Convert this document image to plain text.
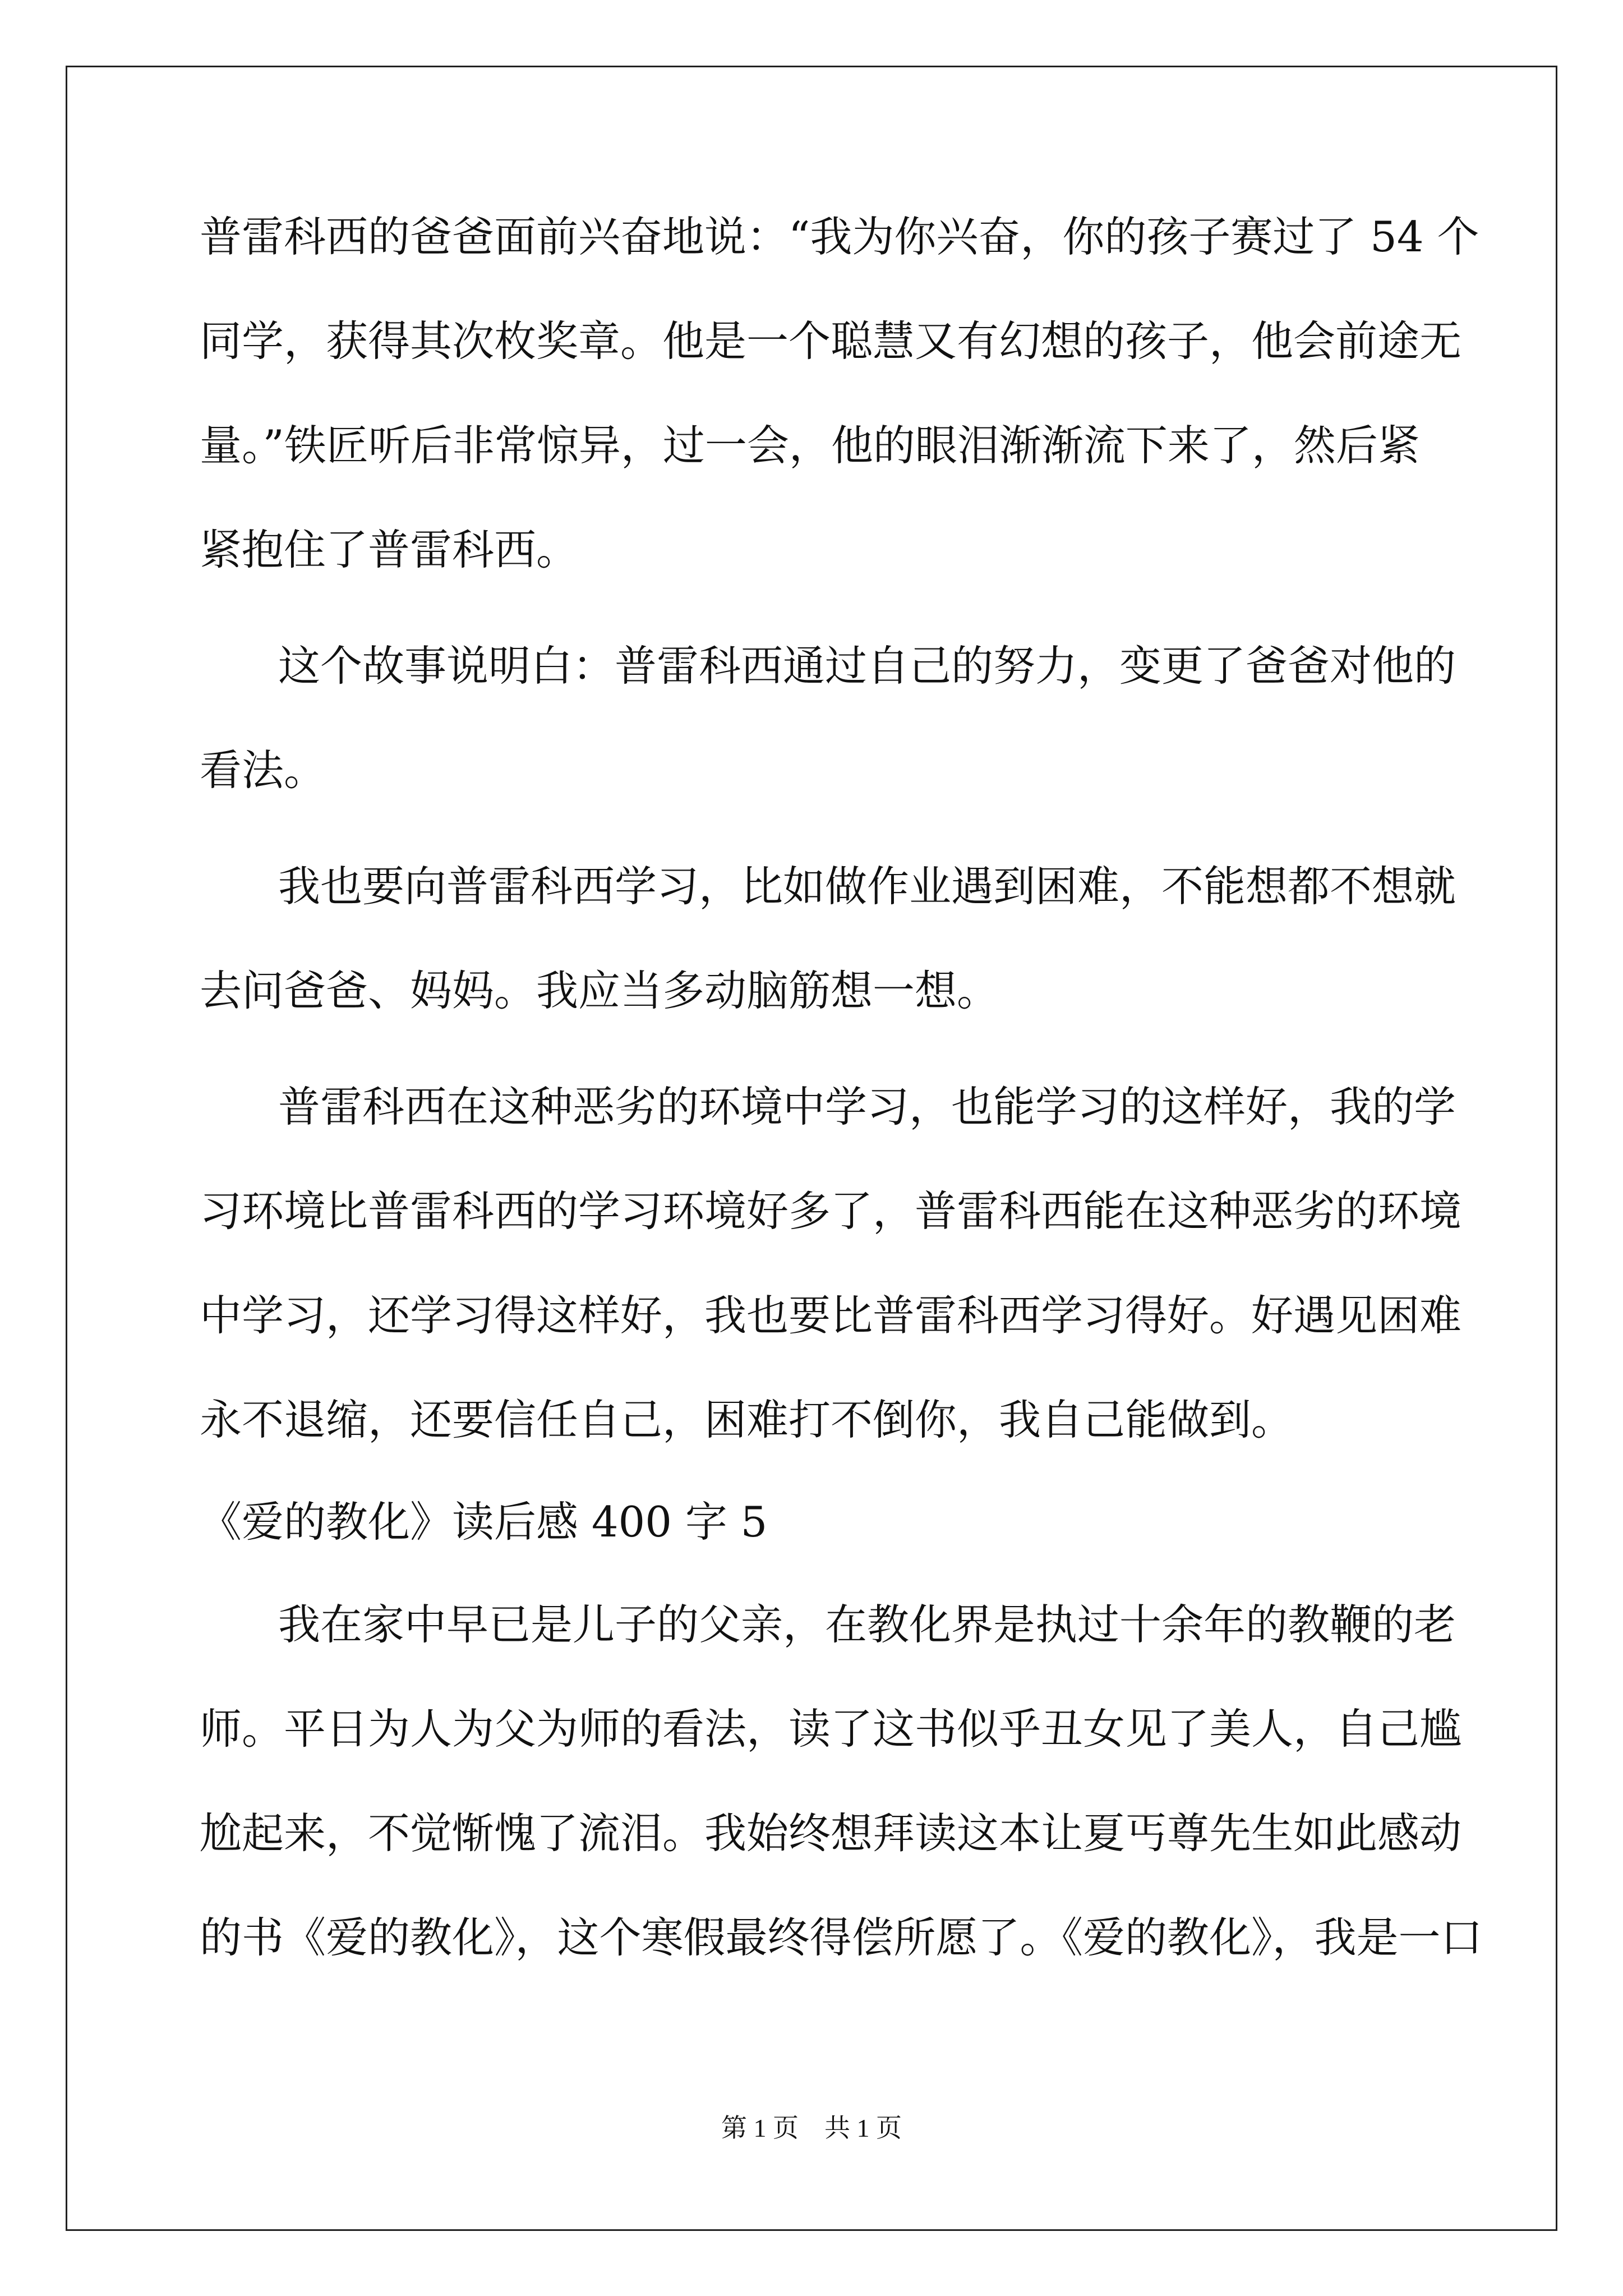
普雷科西的爸爸面前兴奋地说：“我为你兴奋，你的孩子赛过了 54 个
同学，获得其次枚奖章。他是一个聪慧又有幻想的孩子，他会前途无
量。”铁匠听后非常惊异，过一会，他的眼泪渐渐流下来了，然后紧
紧抱住了普雷科西。
这个故事说明白：普雷科西通过自己的努力，变更了爸爸对他的
看法。
我也要向普雷科西学习，比如做作业遇到困难，不能想都不想就
去问爸爸、妈妈。我应当多动脑筋想一想。
普雷科西在这种恶劣的环境中学习，也能学习的这样好，我的学
习环境比普雷科西的学习环境好多了，普雷科西能在这种恶劣的环境
中学习，还学习得这样好，我也要比普雷科西学习得好。好遇见困难
永不退缩，还要信任自己，困难打不倒你，我自己能做到。
《爱的教化》读后感 400 字 5
我在家中早已是儿子的父亲，在教化界是执过十余年的教鞭的老
师。平日为人为父为师的看法，读了这书似乎丑女见了美人，自己尴
尬起来，不觉惭愧了流泪。我始终想拜读这本让夏丐尊先生如此感动
的书《爱的教化》，这个寒假最终得偿所愿了。《爱的教化》，我是一口
第 1 页　共 1 页
